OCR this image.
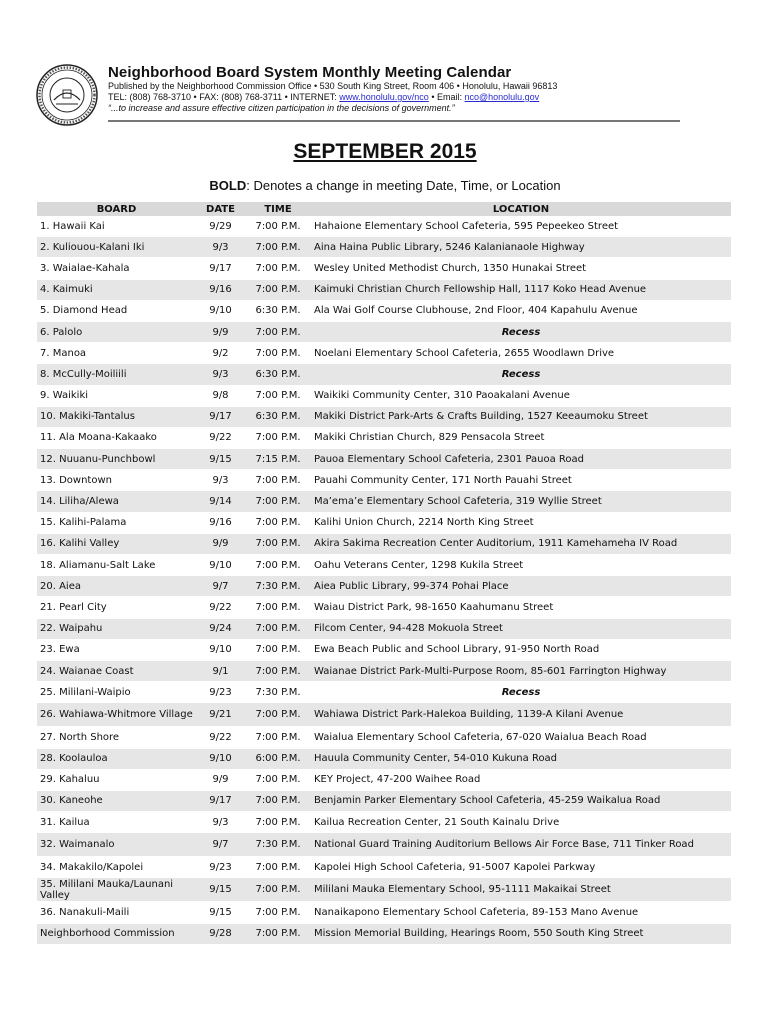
Neighborhood Board System Monthly Meeting Calendar
Published by the Neighborhood Commission Office • 530 South King Street, Room 406 • Honolulu, Hawaii 96813
TEL: (808) 768-3710 • FAX: (808) 768-3711 • INTERNET: www.honolulu.gov/nco • Email: nco@honolulu.gov
“...to increase and assure effective citizen participation in the decisions of government.”
SEPTEMBER 2015
BOLD: Denotes a change in meeting Date, Time, or Location
BOARD	DATE	TIME	LOCATION
1. Hawaii Kai	9/29	7:00 P.M.	Hahaione Elementary School Cafeteria, 595 Pepeekeo Street
2. Kuliouou-Kalani Iki	9/3	7:00 P.M.	Aina Haina Public Library, 5246 Kalanianaole Highway
3. Waialae-Kahala	9/17	7:00 P.M.	Wesley United Methodist Church, 1350 Hunakai Street
4. Kaimuki	9/16	7:00 P.M.	Kaimuki Christian Church Fellowship Hall, 1117 Koko Head Avenue
5. Diamond Head	9/10	6:30 P.M.	Ala Wai Golf Course Clubhouse, 2nd Floor, 404 Kapahulu Avenue
6. Palolo	9/9	7:00 P.M.	Recess
7. Manoa	9/2	7:00 P.M.	Noelani Elementary School Cafeteria, 2655 Woodlawn Drive
8. McCully-Moiliili	9/3	6:30 P.M.	Recess
9. Waikiki	9/8	7:00 P.M.	Waikiki Community Center, 310 Paoakalani Avenue
10. Makiki-Tantalus	9/17	6:30 P.M.	Makiki District Park-Arts & Crafts Building, 1527 Keeaumoku Street
11. Ala Moana-Kakaako	9/22	7:00 P.M.	Makiki Christian Church, 829 Pensacola Street
12. Nuuanu-Punchbowl	9/15	7:15 P.M.	Pauoa Elementary School Cafeteria, 2301 Pauoa Road
13. Downtown	9/3	7:00 P.M.	Pauahi Community Center, 171 North Pauahi Street
14. Liliha/Alewa	9/14	7:00 P.M.	Ma’ema’e Elementary School Cafeteria, 319 Wyllie Street
15. Kalihi-Palama	9/16	7:00 P.M.	Kalihi Union Church, 2214 North King Street
16. Kalihi Valley	9/9	7:00 P.M.	Akira Sakima Recreation Center Auditorium, 1911 Kamehameha IV Road
18. Aliamanu-Salt Lake	9/10	7:00 P.M.	Oahu Veterans Center, 1298 Kukila Street
20. Aiea	9/7	7:30 P.M.	Aiea Public Library, 99-374 Pohai Place
21. Pearl City	9/22	7:00 P.M.	Waiau District Park, 98-1650 Kaahumanu Street
22. Waipahu	9/24	7:00 P.M.	Filcom Center, 94-428 Mokuola Street
23. Ewa	9/10	7:00 P.M.	Ewa Beach Public and School Library, 91-950 North Road
24. Waianae Coast	9/1	7:00 P.M.	Waianae District Park-Multi-Purpose Room, 85-601 Farrington Highway
25. Mililani-Waipio	9/23	7:30 P.M.	Recess
26. Wahiawa-Whitmore Village	9/21	7:00 P.M.	Wahiawa District Park-Halekoa Building, 1139-A Kilani Avenue
27. North Shore	9/22	7:00 P.M.	Waialua Elementary School Cafeteria, 67-020 Waialua Beach Road
28. Koolauloa	9/10	6:00 P.M.	Hauula Community Center, 54-010 Kukuna Road
29. Kahaluu	9/9	7:00 P.M.	KEY Project, 47-200 Waihee Road
30. Kaneohe	9/17	7:00 P.M.	Benjamin Parker Elementary School Cafeteria, 45-259 Waikalua Road
31. Kailua	9/3	7:00 P.M.	Kailua Recreation Center, 21 South Kainalu Drive
32. Waimanalo	9/7	7:30 P.M.	National Guard Training Auditorium Bellows Air Force Base, 711 Tinker Road
34. Makakilo/Kapolei	9/23	7:00 P.M.	Kapolei High School Cafeteria, 91-5007 Kapolei Parkway
35. Mililani Mauka/Launani Valley	9/15	7:00 P.M.	Mililani Mauka Elementary School, 95-1111 Makaikai Street
36. Nanakuli-Maili	9/15	7:00 P.M.	Nanaikapono Elementary School Cafeteria, 89-153 Mano Avenue
Neighborhood Commission	9/28	7:00 P.M.	Mission Memorial Building, Hearings Room, 550 South King Street
